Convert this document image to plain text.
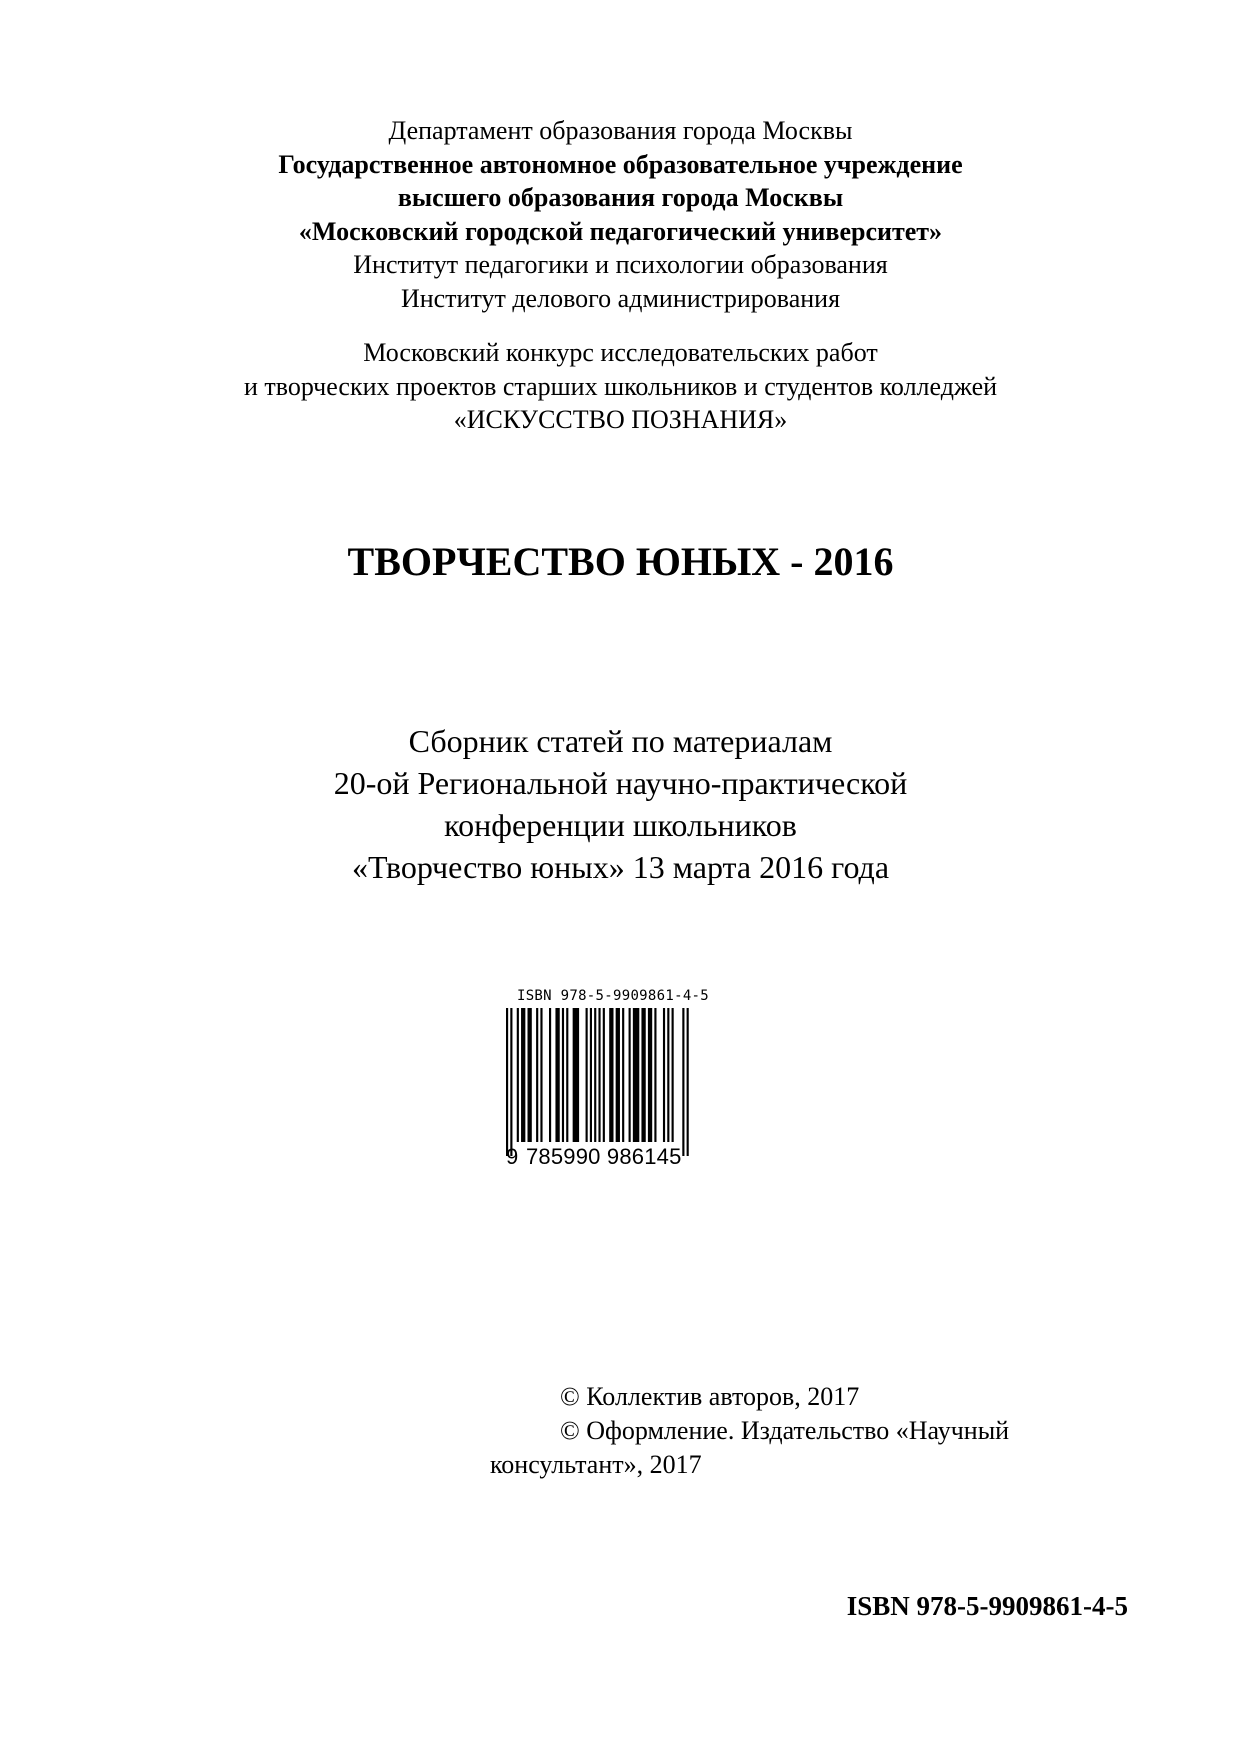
Департамент образования города Москвы
Государственное автономное образовательное учреждение
высшего образования города Москвы
«Московский городской педагогический университет»
Институт педагогики и психологии образования
Институт делового администрирования
Московский конкурс исследовательских работ
и творческих проектов старших школьников и студентов колледжей
«ИСКУССТВО ПОЗНАНИЯ»
ТВОРЧЕСТВО ЮНЫХ - 2016
Сборник статей по материалам
20-ой Региональной научно-практической
конференции школьников
«Творчество юных» 13 марта 2016 года
ISBN 978-5-9909861-4-5
9 785990 986145
© Коллектив авторов, 2017
© Оформление. Издательство «Научный
консультант», 2017
ISBN 978-5-9909861-4-5
